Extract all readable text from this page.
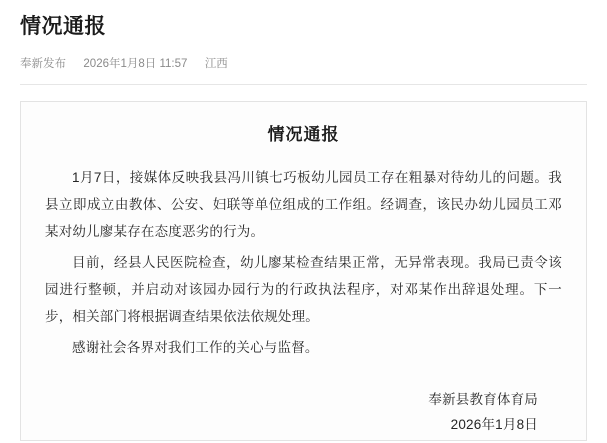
情况通报
奉新发布 2026年1月8日 11:57 江西
情况通报

1月7日，接媒体反映我县冯川镇七巧板幼儿园员工存在粗暴对待幼儿的问题。我县立即成立由教体、公安、妇联等单位组成的工作组。经调查，该民办幼儿园员工邓某对幼儿廖某存在态度恶劣的行为。

目前，经县人民医院检查，幼儿廖某检查结果正常，无异常表现。我局已责令该园进行整顿，并启动对该园办园行为的行政执法程序，对邓某作出辞退处理。下一步，相关部门将根据调查结果依法依规处理。

感谢社会各界对我们工作的关心与监督。

奉新县教育体育局
2026年1月8日
